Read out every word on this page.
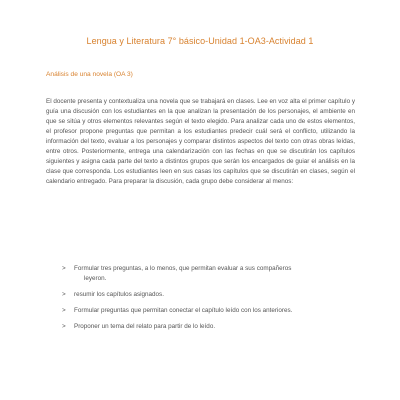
Lengua y Literatura 7° básico-Unidad 1-OA3-Actividad 1
Análisis de una novela (OA 3)

El docente presenta y contextualiza una novela que se trabajará en clases. Lee en voz alta el primer capítulo y guía una discusión con los estudiantes en la que analizan la presentación de los personajes, el ambiente en que se sitúa y otros elementos relevantes según el texto elegido. Para analizar cada uno de estos elementos, el profesor propone preguntas que permitan a los estudiantes predecir cuál será el conflicto, utilizando la información del texto, evaluar a los personajes y comparar distintos aspectos del texto con otras obras leídas, entre otros. Posteriormente, entrega una calendarización con las fechas en que se discutirán los capítulos siguientes y asigna cada parte del texto a distintos grupos que serán los encargados de guiar el análisis en la clase que corresponda. Los estudiantes leen en sus casas los capítulos que se discutirán en clases, según el calendario entregado. Para preparar la discusión, cada grupo debe considerar al menos:

> Formular tres preguntas, a lo menos, que permitan evaluar a sus compañeros
leyeron.
> resumir los capítulos asignados.
> Formular preguntas que permitan conectar el capítulo leído con los anteriores.
> Proponer un tema del relato para partir de lo leído.
